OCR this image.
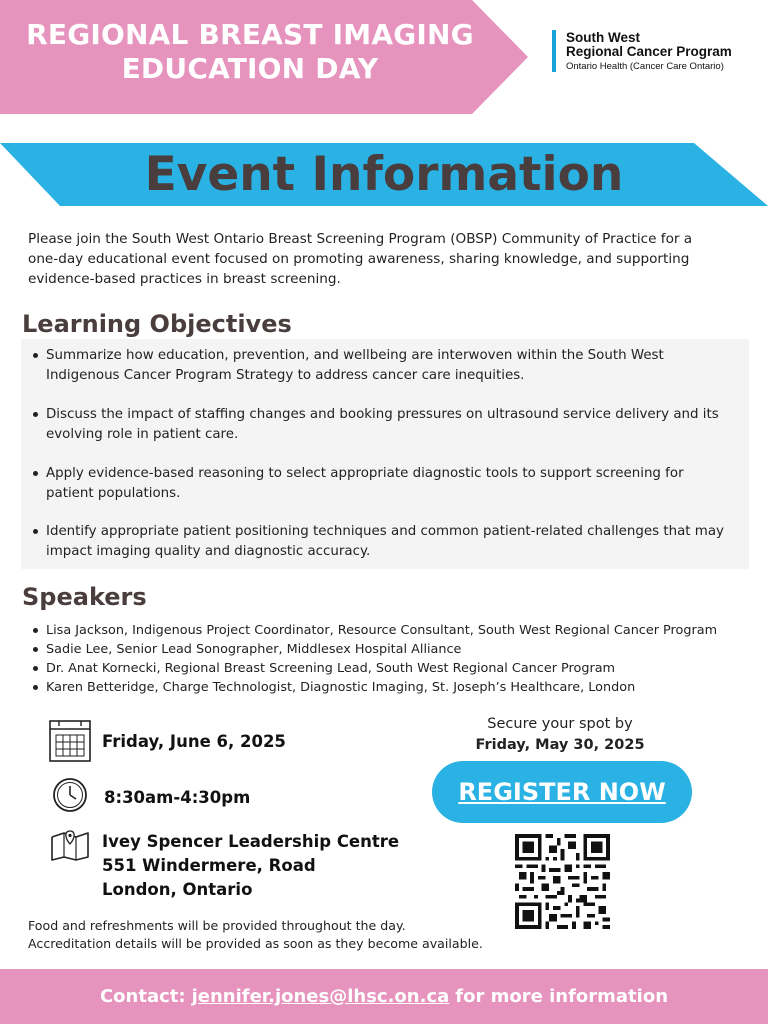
REGIONAL BREAST IMAGING
EDUCATION DAY
South West
Regional Cancer Program
Ontario Health (Cancer Care Ontario)
Event Information
Please join the South West Ontario Breast Screening Program (OBSP) Community of Practice for a
one-day educational event focused on promoting awareness, sharing knowledge, and supporting
evidence-based practices in breast screening.
Learning Objectives
Summarize how education, prevention, and wellbeing are interwoven within the South West
Indigenous Cancer Program Strategy to address cancer care inequities.
Discuss the impact of staffing changes and booking pressures on ultrasound service delivery and its
evolving role in patient care.
Apply evidence-based reasoning to select appropriate diagnostic tools to support screening for
patient populations.
Identify appropriate patient positioning techniques and common patient-related challenges that may
impact imaging quality and diagnostic accuracy.
Speakers
Lisa Jackson, Indigenous Project Coordinator, Resource Consultant, South West Regional Cancer Program
Sadie Lee, Senior Lead Sonographer, Middlesex Hospital Alliance
Dr. Anat Kornecki, Regional Breast Screening Lead, South West Regional Cancer Program
Karen Betteridge, Charge Technologist, Diagnostic Imaging, St. Joseph’s Healthcare, London
Friday, June 6, 2025
8:30am-4:30pm
Ivey Spencer Leadership Centre
551 Windermere, Road
London, Ontario
Secure your spot by
Friday, May 30, 2025
REGISTER NOW
Food and refreshments will be provided throughout the day.
Accreditation details will be provided as soon as they become available.
Contact: jennifer.jones@lhsc.on.ca for more information
